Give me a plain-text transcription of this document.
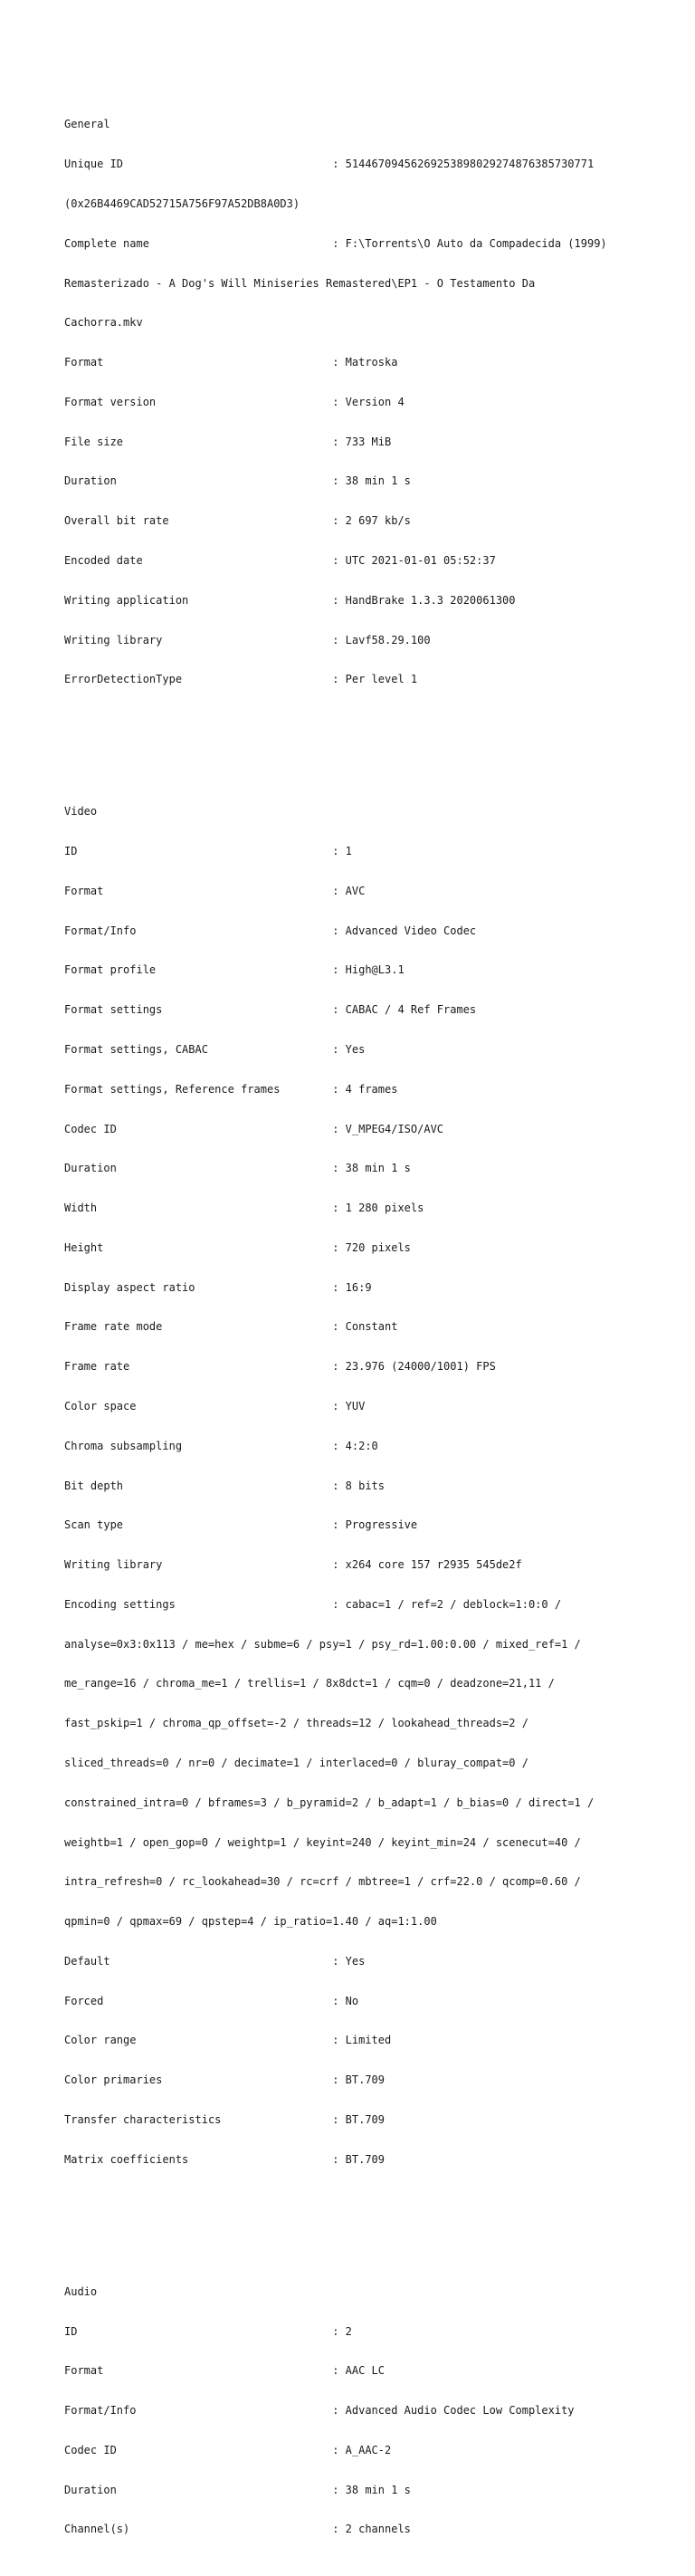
General

Unique ID                                : 51446709456269253898029274876385730771

(0x26B4469CAD52715A756F97A52DB8A0D3)

Complete name                            : F:\Torrents\O Auto da Compadecida (1999)

Remasterizado - A Dog's Will Miniseries Remastered\EP1 - O Testamento Da

Cachorra.mkv

Format                                   : Matroska

Format version                           : Version 4

File size                                : 733 MiB

Duration                                 : 38 min 1 s

Overall bit rate                         : 2 697 kb/s

Encoded date                             : UTC 2021-01-01 05:52:37

Writing application                      : HandBrake 1.3.3 2020061300

Writing library                          : Lavf58.29.100

ErrorDetectionType                       : Per level 1

Video

ID                                       : 1

Format                                   : AVC

Format/Info                              : Advanced Video Codec

Format profile                           : High@L3.1

Format settings                          : CABAC / 4 Ref Frames

Format settings, CABAC                   : Yes

Format settings, Reference frames        : 4 frames

Codec ID                                 : V_MPEG4/ISO/AVC

Duration                                 : 38 min 1 s

Width                                    : 1 280 pixels

Height                                   : 720 pixels

Display aspect ratio                     : 16:9

Frame rate mode                          : Constant

Frame rate                               : 23.976 (24000/1001) FPS

Color space                              : YUV

Chroma subsampling                       : 4:2:0

Bit depth                                : 8 bits

Scan type                                : Progressive

Writing library                          : x264 core 157 r2935 545de2f

Encoding settings                        : cabac=1 / ref=2 / deblock=1:0:0 /

analyse=0x3:0x113 / me=hex / subme=6 / psy=1 / psy_rd=1.00:0.00 / mixed_ref=1 /

me_range=16 / chroma_me=1 / trellis=1 / 8x8dct=1 / cqm=0 / deadzone=21,11 /

fast_pskip=1 / chroma_qp_offset=-2 / threads=12 / lookahead_threads=2 /

sliced_threads=0 / nr=0 / decimate=1 / interlaced=0 / bluray_compat=0 /

constrained_intra=0 / bframes=3 / b_pyramid=2 / b_adapt=1 / b_bias=0 / direct=1 /

weightb=1 / open_gop=0 / weightp=1 / keyint=240 / keyint_min=24 / scenecut=40 /

intra_refresh=0 / rc_lookahead=30 / rc=crf / mbtree=1 / crf=22.0 / qcomp=0.60 /

qpmin=0 / qpmax=69 / qpstep=4 / ip_ratio=1.40 / aq=1:1.00

Default                                  : Yes

Forced                                   : No

Color range                              : Limited

Color primaries                          : BT.709

Transfer characteristics                 : BT.709

Matrix coefficients                      : BT.709

Audio

ID                                       : 2

Format                                   : AAC LC

Format/Info                              : Advanced Audio Codec Low Complexity

Codec ID                                 : A_AAC-2

Duration                                 : 38 min 1 s

Channel(s)                               : 2 channels
